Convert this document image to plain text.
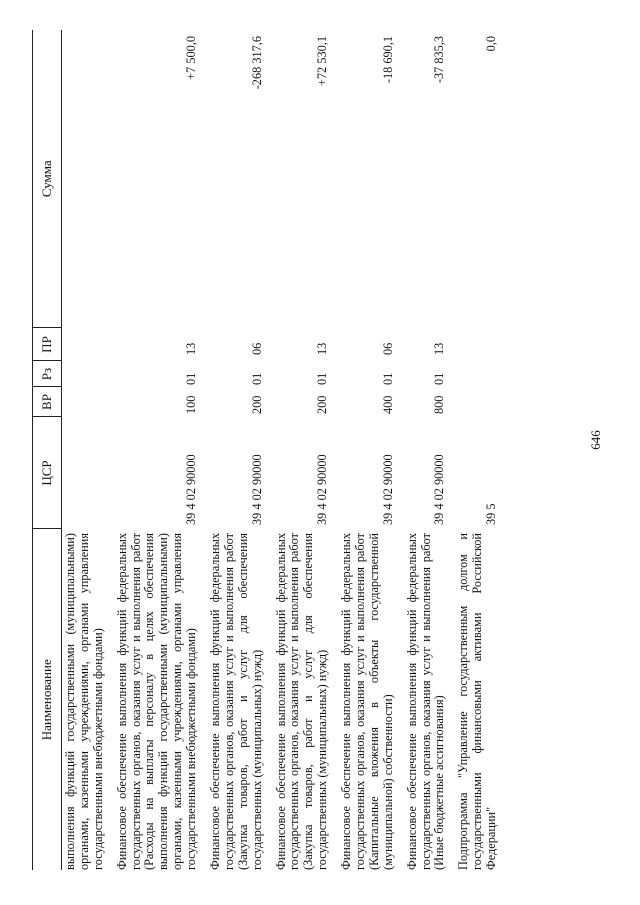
646
Наименование	ЦСР	ВР	Рз	ПР	Сумма
выполнения функций государственными (муниципальными) органами, казенными учреждениями, органами управления государственными внебюджетными фондами)					
Финансовое обеспечение выполнения функций федеральных государственных органов, оказания услуг и выполнения работ (Расходы на выплаты персоналу в целях обеспечения выполнения функций государственными (муниципальными) органами, казенными учреждениями, органами управления государственными внебюджетными фондами)	39 4 02 90000	100	01	13	+7 500,0
Финансовое обеспечение выполнения функций федеральных государственных органов, оказания услуг и выполнения работ (Закупка товаров, работ и услуг для обеспечения государственных (муниципальных) нужд)	39 4 02 90000	200	01	06	-268 317,6
Финансовое обеспечение выполнения функций федеральных государственных органов, оказания услуг и выполнения работ (Закупка товаров, работ и услуг для обеспечения государственных (муниципальных) нужд)	39 4 02 90000	200	01	13	+72 530,1
Финансовое обеспечение выполнения функций федеральных государственных органов, оказания услуг и выполнения работ (Капитальные вложения в объекты государственной (муниципальной) собственности)	39 4 02 90000	400	01	06	-18 690,1
Финансовое обеспечение выполнения функций федеральных государственных органов, оказания услуг и выполнения работ (Иные бюджетные ассигнования)	39 4 02 90000	800	01	13	-37 835,3
Подпрограмма "Управление государственным долгом и государственными финансовыми активами Российской Федерации"	39 5				0,0
